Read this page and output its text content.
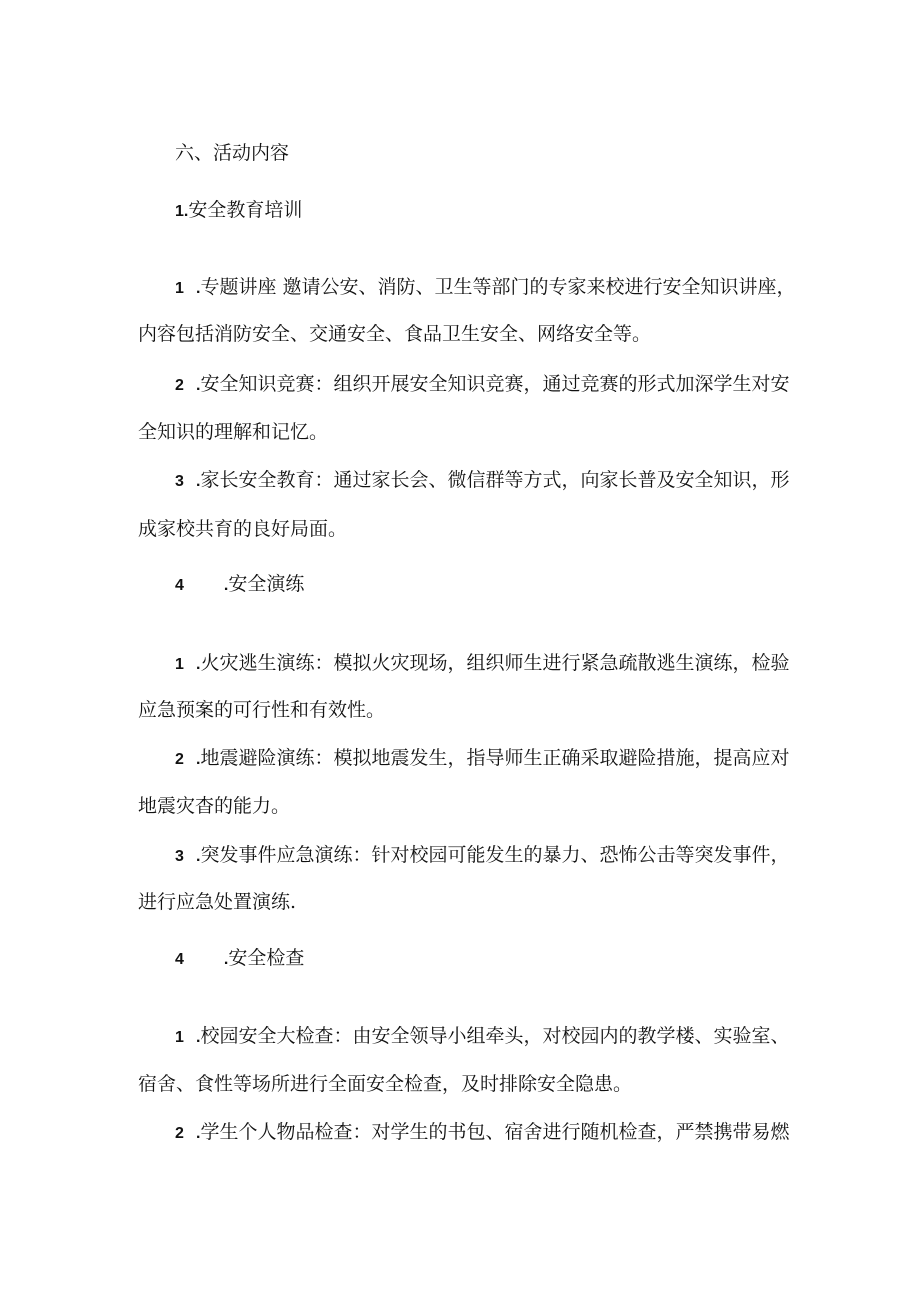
六、活动内容
1.安全教育培训
1 .专题讲座 邀请公安、消防、卫生等部门的专家来校进行安全知识讲座，
内容包括消防安全、交通安全、食品卫生安全、网络安全等。
2 .安全知识竞赛：组织开展安全知识竞赛，通过竞赛的形式加深学生对安
全知识的理解和记忆。
3 .家长安全教育：通过家长会、微信群等方式，向家长普及安全知识，形
成家校共育的良好局面。
4	.安全演练
1 .火灾逃生演练：模拟火灾现场，组织师生进行紧急疏散逃生演练，检验
应急预案的可行性和有效性。
2 .地震避险演练：模拟地震发生，指导师生正确采取避险措施，提高应对
地震灾杳的能力。
3 .突发事件应急演练：针对校园可能发生的暴力、恐怖公击等突发事件，
进行应急处置演练.
4	.安全检查
1 .校园安全大检查：由安全领导小组牵头，对校园内的教学楼、实验室、
宿舍、食性等场所进行全面安全检查，及时排除安全隐患。
2 .学生个人物品检查：对学生的书包、宿舍进行随机检查，严禁携带易燃
